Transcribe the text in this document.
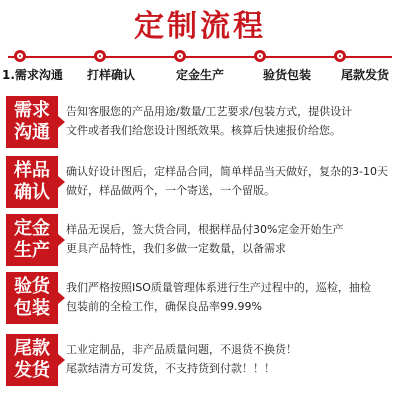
定制流程
1.需求沟通 打样确认	定金生产	验货包装 尾款发货
需求
沟通
告知客服您的产品用途/数量/工艺要求/包装方式，提供设计
文件或者我们给您设计图纸效果。核算后快速报价给您。
样品
确认
确认好设计图后，定样品合同，简单样品当天做好，复杂的3-10天
做好，样品做两个，一个寄送，一个留版。
定金
生产
样品无误后，签大货合同，根据样品付30%定金开始生产
更具产品特性，我们多做一定数量，以备需求
验货
包装
我们严格按照ISO质量管理体系进行生产过程中的，巡检，抽检
包装前的全检工作，确保良品率99.99%
尾款
发货
工业定制品，非产品质量问题，不退货不换货！
尾款结清方可发货，不支持货到付款！！！
